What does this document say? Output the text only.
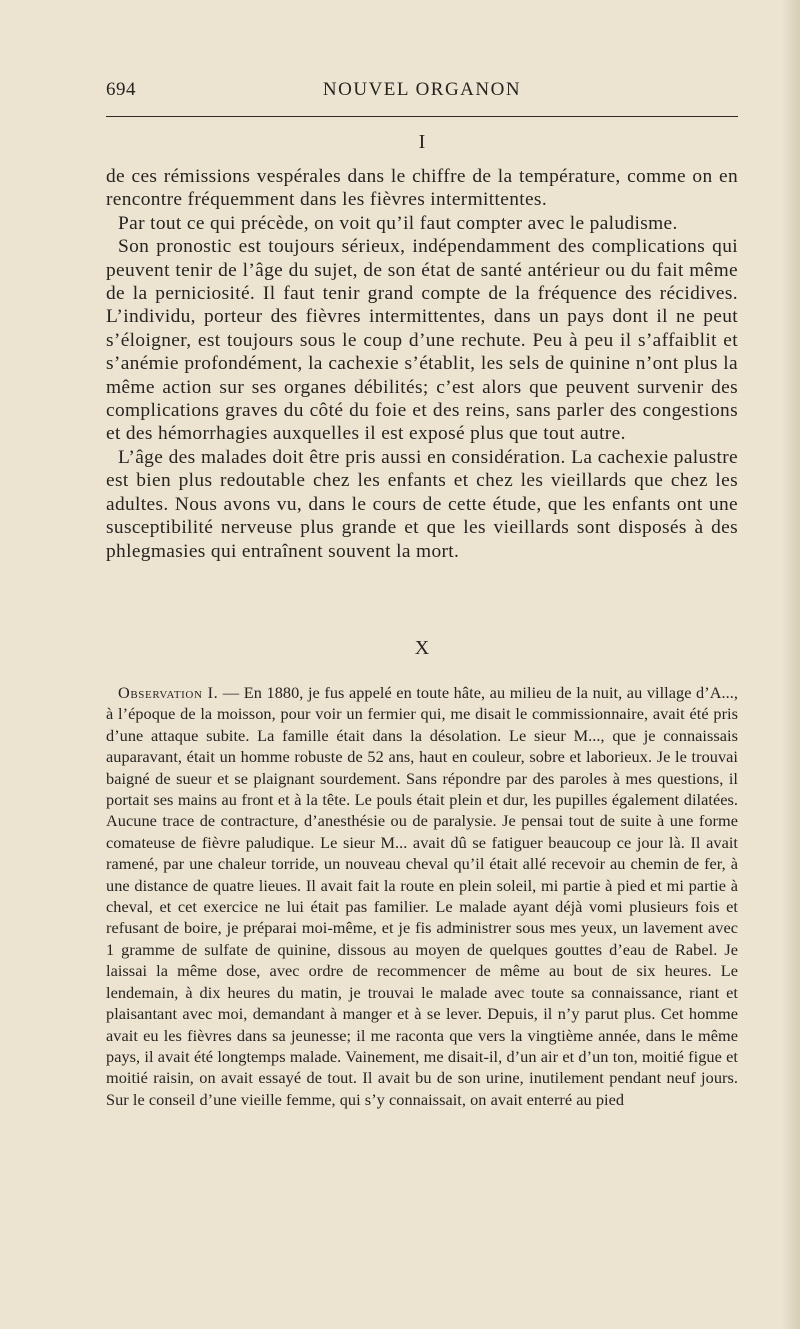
694	NOUVEL ORGANON
I

de ces rémissions vespérales dans le chiffre de la température, comme on en rencontre fréquemment dans les fièvres intermittentes.

Par tout ce qui précède, on voit qu’il faut compter avec le paludisme.

Son pronostic est toujours sérieux, indépendamment des complications qui peuvent tenir de l’âge du sujet, de son état de santé antérieur ou du fait même de la perniciosité. Il faut tenir grand compte de la fréquence des récidives. L’individu, porteur des fièvres intermittentes, dans un pays dont il ne peut s’éloigner, est toujours sous le coup d’une rechute. Peu à peu il s’affaiblit et s’anémie profondément, la cachexie s’établit, les sels de quinine n’ont plus la même action sur ses organes débilités; c’est alors que peuvent survenir des complications graves du côté du foie et des reins, sans parler des congestions et des hémorrhagies auxquelles il est exposé plus que tout autre.

L’âge des malades doit être pris aussi en considération. La cachexie palustre est bien plus redoutable chez les enfants et chez les vieillards que chez les adultes. Nous avons vu, dans le cours de cette étude, que les enfants ont une susceptibilité nerveuse plus grande et que les vieillards sont disposés à des phlegmasies qui entraînent souvent la mort.

X

Observation I. — En 1880, je fus appelé en toute hâte, au milieu de la nuit, au village d’A..., à l’époque de la moisson, pour voir un fermier qui, me disait le commissionnaire, avait été pris d’une attaque subite. La famille était dans la désolation. Le sieur M..., que je connaissais auparavant, était un homme robuste de 52 ans, haut en couleur, sobre et laborieux. Je le trouvai baigné de sueur et se plaignant sourdement. Sans répondre par des paroles à mes questions, il portait ses mains au front et à la tête. Le pouls était plein et dur, les pupilles également dilatées. Aucune trace de contracture, d’anesthésie ou de paralysie. Je pensai tout de suite à une forme comateuse de fièvre paludique. Le sieur M... avait dû se fatiguer beaucoup ce jour là. Il avait ramené, par une chaleur torride, un nouveau cheval qu’il était allé recevoir au chemin de fer, à une distance de quatre lieues. Il avait fait la route en plein soleil, mi partie à pied et mi partie à cheval, et cet exercice ne lui était pas familier. Le malade ayant déjà vomi plusieurs fois et refusant de boire, je préparai moi-même, et je fis administrer sous mes yeux, un lavement avec 1 gramme de sulfate de quinine, dissous au moyen de quelques gouttes d’eau de Rabel. Je laissai la même dose, avec ordre de recommencer de même au bout de six heures. Le lendemain, à dix heures du matin, je trouvai le malade avec toute sa connaissance, riant et plaisantant avec moi, demandant à manger et à se lever. Depuis, il n’y parut plus. Cet homme avait eu les fièvres dans sa jeunesse; il me raconta que vers la vingtième année, dans le même pays, il avait été longtemps malade. Vainement, me disait-il, d’un air et d’un ton, moitié figue et moitié raisin, on avait essayé de tout. Il avait bu de son urine, inutilement pendant neuf jours. Sur le conseil d’une vieille femme, qui s’y connaissait, on avait enterré au pied
